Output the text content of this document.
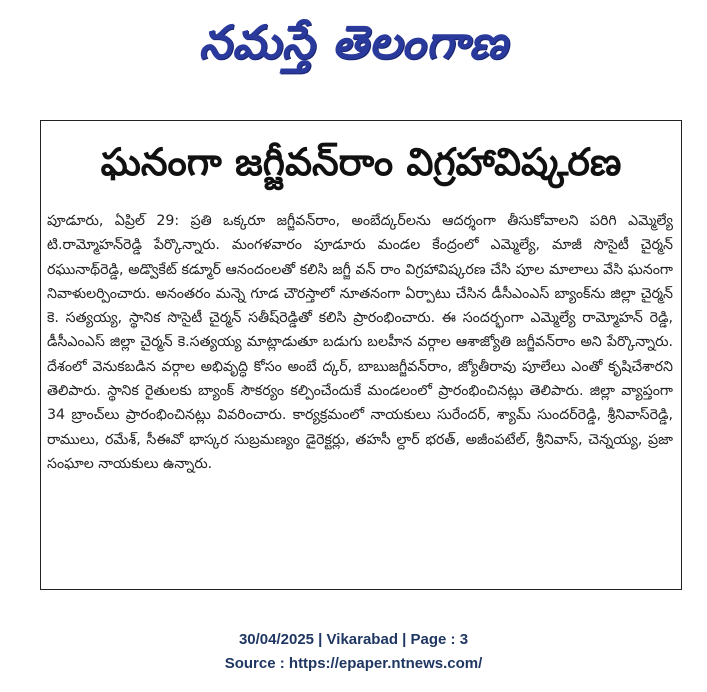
నమస్తే తెలంగాణ
ఘనంగా జగ్జీవన్‌రాం విగ్రహావిష్కరణ
పూడూరు, ఏప్రిల్ 29: ప్రతి ఒక్కరూ జగ్జీవన్‌రాం, అంబేద్కర్‌లను ఆదర్శంగా తీసుకోవాలని పరిగి ఎమ్మెల్యే టి.రామ్మోహన్‌రెడ్డి పేర్కొన్నారు. మంగళవారం పూడూరు మండల కేంద్రంలో ఎమ్మెల్యే, మాజీ సొసైటీ చైర్మన్ రఘునాథ్‌రెడ్డి, అడ్వొకేట్ కడ్మూర్ ఆనందంలతో కలిసి జగ్జీ వన్ రాం విగ్రహావిష్కరణ చేసి పూల మాలాలు వేసి ఘనంగా నివాళులర్పించారు. అనంతరం మన్నె గూడ చౌరస్తాలో నూతనంగా ఏర్పాటు చేసిన డీసీఎంఎస్ బ్యాంక్‌ను జిల్లా చైర్మన్ కె. సత్యయ్య, స్థానిక సొసైటీ చైర్మన్ సతీష్‌రెడ్డితో కలిసి ప్రారంభించారు. ఈ సందర్భంగా ఎమ్మెల్యే రామ్మోహన్ రెడ్డి, డీసీఎంఎస్ జిల్లా చైర్మన్ కె.సత్యయ్య మాట్లాడుతూ బడుగు బలహీన వర్గాల ఆశాజ్యోతి జగ్జీవన్‌రాం అని పేర్కొన్నారు. దేశంలో వెనుకబడిన వర్గాల అభివృద్ధి కోసం అంబే ద్కర్, బాబుజగ్జీవన్‌రాం, జ్యోతీరావు పూలేలు ఎంతో కృషిచేశారని తెలిపారు. స్థానిక రైతులకు బ్యాంక్ సౌకర్యం కల్పించేందుకే మండలంలో ప్రారంభించినట్లు తెలిపారు. జిల్లా వ్యాప్తంగా 34 బ్రాంచ్‌లు ప్రారంభించినట్లు వివరించారు. కార్యక్రమంలో నాయకులు సురేందర్, శ్యామ్ సుందర్‌రెడ్డి, శ్రీనివాస్‌రెడ్డి, రాములు, రమేశ్, సీఈవో భాస్కర సుబ్రమణ్యం డైరెక్టర్లు, తహసీ ల్దార్ భరత్, అజీంపటేల్, శ్రీనివాస్, చెన్నయ్య, ప్రజా సంఘాల నాయకులు ఉన్నారు.
30/04/2025 | Vikarabad | Page : 3
Source : https://epaper.ntnews.com/
